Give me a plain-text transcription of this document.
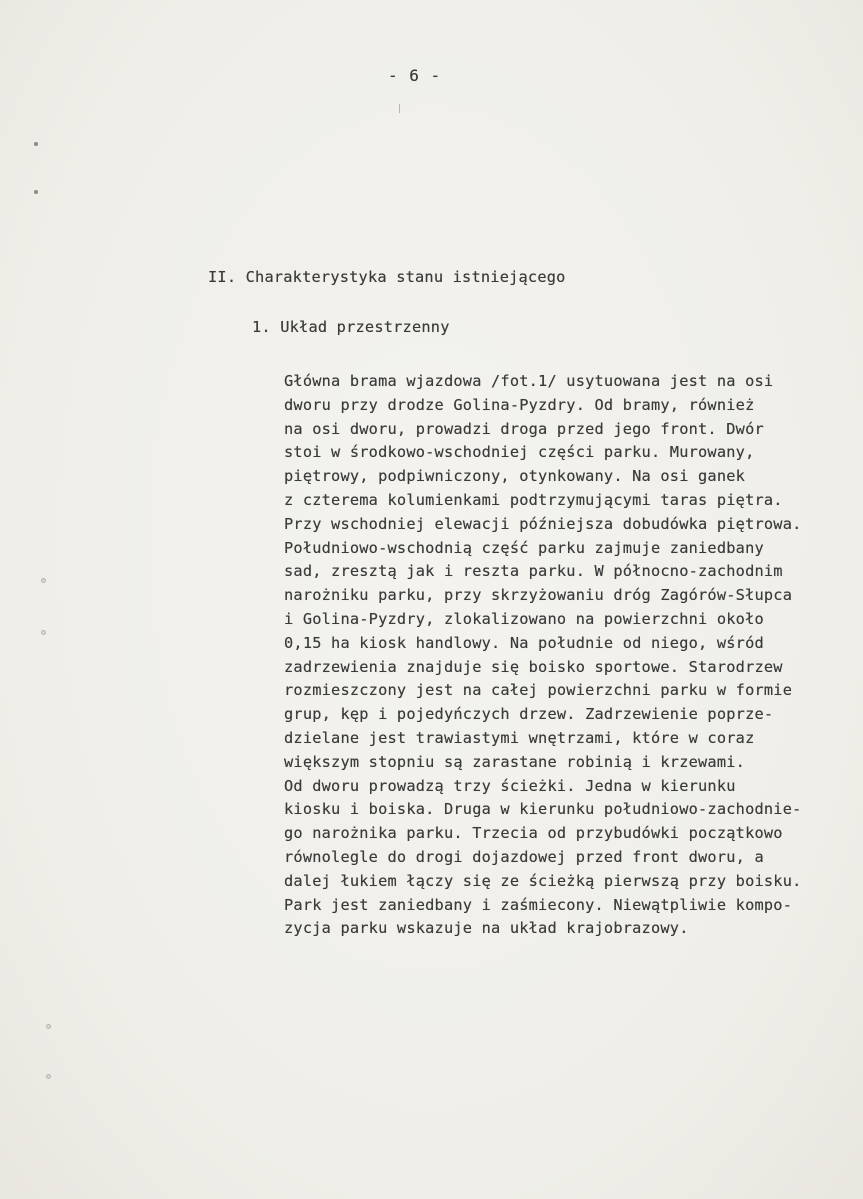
- 6 -
II. Charakterystyka stanu istniejącego
1. Układ przestrzenny
Główna brama wjazdowa /fot.1/ usytuowana jest na osi
dworu przy drodze Golina-Pyzdry. Od bramy, również
na osi dworu, prowadzi droga przed jego front. Dwór
stoi w środkowo-wschodniej części parku. Murowany,
piętrowy, podpiwniczony, otynkowany. Na osi ganek
z czterema kolumienkami podtrzymującymi taras piętra.
Przy wschodniej elewacji późniejsza dobudówka piętrowa.
Południowo-wschodnią część parku zajmuje zaniedbany
sad, zresztą jak i reszta parku. W północno-zachodnim
narożniku parku, przy skrzyżowaniu dróg Zagórów-Słupca
i Golina-Pyzdry, zlokalizowano na powierzchni około
0,15 ha kiosk handlowy. Na południe od niego, wśród
zadrzewienia znajduje się boisko sportowe. Starodrzew
rozmieszczony jest na całej powierzchni parku w formie
grup, kęp i pojedyńczych drzew. Zadrzewienie poprze-
dzielane jest trawiastymi wnętrzami, które w coraz
większym stopniu są zarastane robinią i krzewami.
Od dworu prowadzą trzy ścieżki. Jedna w kierunku
kiosku i boiska. Druga w kierunku południowo-zachodnie-
go narożnika parku. Trzecia od przybudówki początkowo
równolegle do drogi dojazdowej przed front dworu, a
dalej łukiem łączy się ze ścieżką pierwszą przy boisku.
Park jest zaniedbany i zaśmiecony. Niewątpliwie kompo-
zycja parku wskazuje na układ krajobrazowy.
